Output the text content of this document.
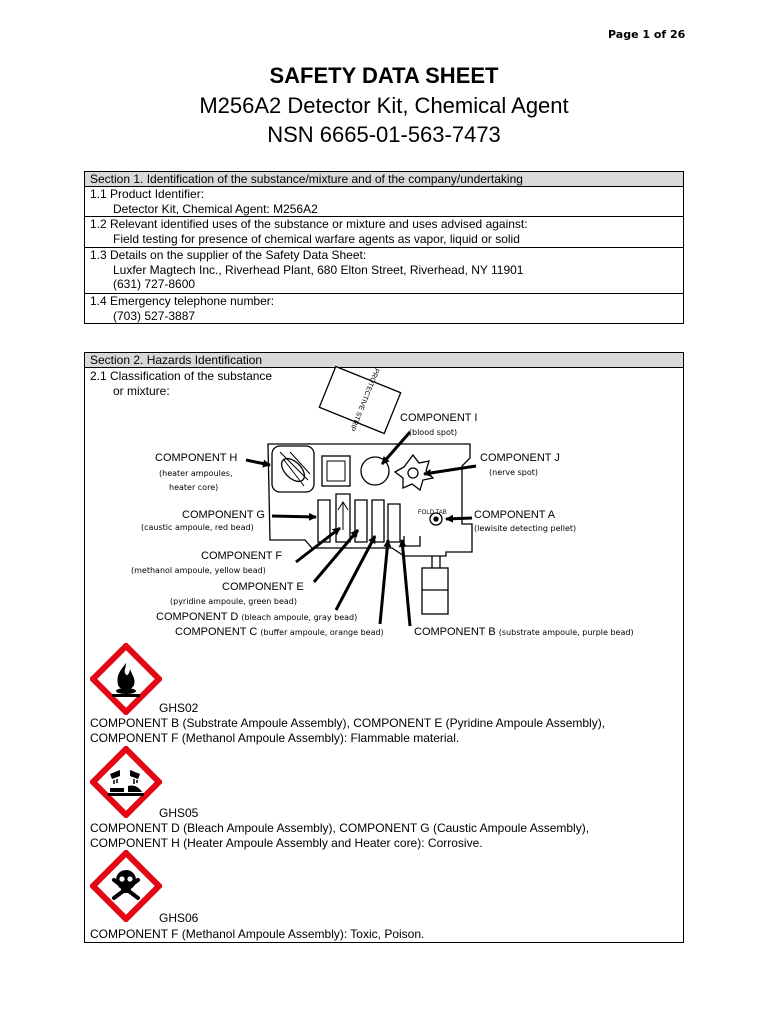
Page 1 of 26
SAFETY DATA SHEET
M256A2 Detector Kit, Chemical Agent
NSN 6665-01-563-7473
Section 1. Identification of the substance/mixture and of the company/undertaking
1.1 Product Identifier:
Detector Kit, Chemical Agent: M256A2
1.2 Relevant identified uses of the substance or mixture and uses advised against:
Field testing for presence of chemical warfare agents as vapor, liquid or solid
1.3 Details on the supplier of the Safety Data Sheet:
Luxfer Magtech Inc., Riverhead Plant, 680 Elton Street, Riverhead, NY 11901
(631) 727-8600
1.4 Emergency telephone number:
(703) 527-3887
Section 2. Hazards Identification
2.1 Classification of the substance
or mixture:	PROTECTIVE STRIP
FOLD TAB
COMPONENT I
(blood spot)
COMPONENT H
(heater ampoules,
heater core)
COMPONENT J
(nerve spot)
COMPONENT G
(caustic ampoule, red bead)
COMPONENT A
(lewisite detecting pellet)
COMPONENT F
(methanol ampoule, yellow bead)
COMPONENT E
(pyridine ampoule, green bead)
COMPONENT D (bleach ampoule, gray bead)
COMPONENT C (buffer ampoule, orange bead)	COMPONENT B (substrate ampoule, purple bead)
GHS02
COMPONENT B (Substrate Ampoule Assembly), COMPONENT E (Pyridine Ampoule Assembly),
COMPONENT F (Methanol Ampoule Assembly): Flammable material.
GHS05
COMPONENT D (Bleach Ampoule Assembly), COMPONENT G (Caustic Ampoule Assembly),
COMPONENT H (Heater Ampoule Assembly and Heater core): Corrosive.
GHS06
COMPONENT F (Methanol Ampoule Assembly): Toxic, Poison.
